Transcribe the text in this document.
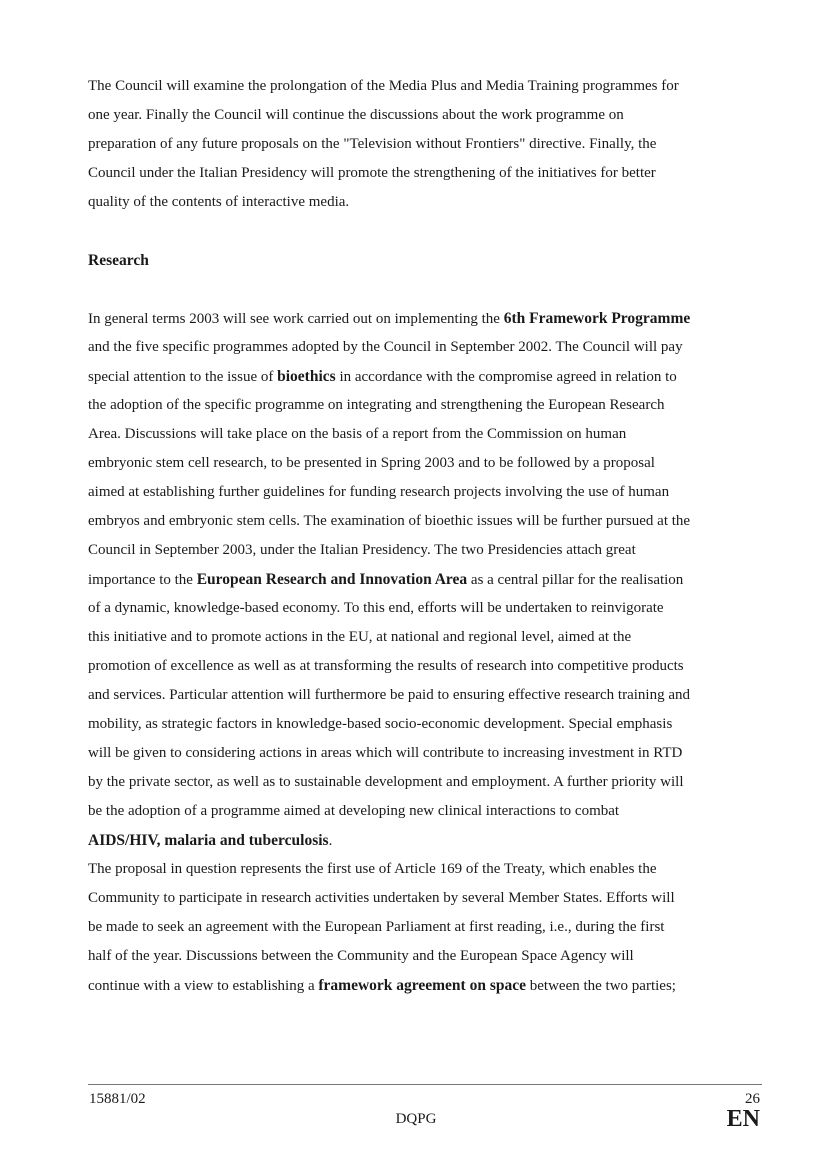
The Council will examine the prolongation of the Media Plus and Media Training programmes for
one year. Finally the Council will continue the discussions about the work programme on
preparation of any future proposals on the "Television without Frontiers" directive. Finally, the
Council under the Italian Presidency will promote the strengthening of the initiatives for better
quality of the contents of interactive media.
Research
In general terms 2003 will see work carried out on implementing the 6th Framework Programme
and the five specific programmes adopted by the Council in September 2002. The Council will pay
special attention to the issue of bioethics in accordance with the compromise agreed in relation to
the adoption of the specific programme on integrating and strengthening the European Research
Area. Discussions will take place on the basis of a report from the Commission on human
embryonic stem cell research, to be presented in Spring 2003 and to be followed by a proposal
aimed at establishing further guidelines for funding research projects involving the use of human
embryos and embryonic stem cells. The examination of bioethic issues will be further pursued at the
Council in September 2003, under the Italian Presidency. The two Presidencies attach great
importance to the European Research and Innovation Area as a central pillar for the realisation
of a dynamic, knowledge-based economy. To this end, efforts will be undertaken to reinvigorate
this initiative and to promote actions in the EU, at national and regional level, aimed at the
promotion of excellence as well as at transforming the results of research into competitive products
and services. Particular attention will furthermore be paid to ensuring effective research training and
mobility, as strategic factors in knowledge-based socio-economic development. Special emphasis
will be given to considering actions in areas which will contribute to increasing investment in RTD
by the private sector, as well as to sustainable development and employment. A further priority will
be the adoption of a programme aimed at developing new clinical interactions to combat
AIDS/HIV, malaria and tuberculosis.
The proposal in question represents the first use of Article 169 of the Treaty, which enables the
Community to participate in research activities undertaken by several Member States. Efforts will
be made to seek an agreement with the European Parliament at first reading, i.e., during the first
half of the year. Discussions between the Community and the European Space Agency will
continue with a view to establishing a framework agreement on space between the two parties;
15881/02
DQPG
26
EN
